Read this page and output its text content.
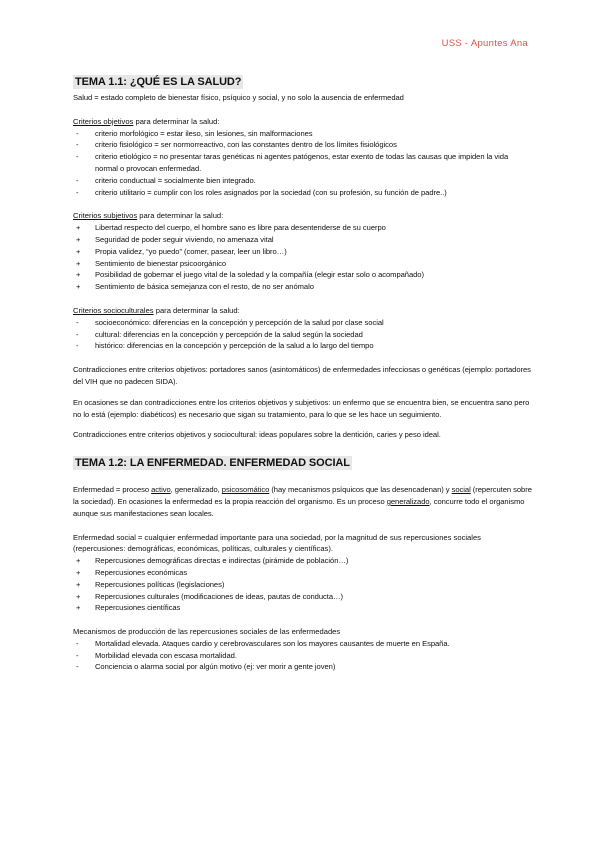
USS - Apuntes Ana
TEMA 1.1: ¿QUÉ ES LA SALUD?

Salud = estado completo de bienestar físico, psíquico y social, y no solo la ausencia de enfermedad

Criterios objetivos para determinar la salud:

- criterio morfológico = estar ileso, sin lesiones, sin malformaciones
- criterio fisiológico = ser normorreactivo, con las constantes dentro de los límites fisiológicos
- criterio etiológico = no presentar taras genéticas ni agentes patógenos, estar exento de todas las causas que impiden la vida normal o provocan enfermedad.
- criterio conductual = socialmente bien integrado.
- criterio utilitario = cumplir con los roles asignados por la sociedad (con su profesión, su función de padre..)

Criterios subjetivos para determinar la salud:

+ Libertad respecto del cuerpo, el hombre sano es libre para desentenderse de su cuerpo
+ Seguridad de poder seguir viviendo, no amenaza vital
+ Propia validez, “yo puedo” (comer, pasear, leer un libro…)
+ Sentimiento de bienestar psicoorgánico
+ Posibilidad de gobernar el juego vital de la soledad y la compañía (elegir estar solo o acompañado)
+ Sentimiento de básica semejanza con el resto, de no ser anómalo

Criterios socioculturales para determinar la salud:

- socioeconómico: diferencias en la concepción y percepción de la salud por clase social
- cultural: diferencias en la concepción y percepción de la salud según la sociedad
- histórico: diferencias en la concepción y percepción de la salud a lo largo del tiempo

Contradicciones entre criterios objetivos: portadores sanos (asintomáticos) de enfermedades infecciosas o genéticas (ejemplo: portadores del VIH que no padecen SIDA).

En ocasiones se dan contradicciones entre los criterios objetivos y subjetivos: un enfermo que se encuentra bien, se encuentra sano pero no lo está (ejemplo: diabéticos) es necesario que sigan su tratamiento, para lo que se les hace un seguimiento.

Contradicciones entre criterios objetivos y sociocultural: ideas populares sobre la dentición, caries y peso ideal.

TEMA 1.2: LA ENFERMEDAD. ENFERMEDAD SOCIAL

Enfermedad = proceso activo, generalizado, psicosomático (hay mecanismos psíquicos que las desencadenan) y social (repercuten sobre la sociedad). En ocasiones la enfermedad es la propia reacción del organismo. Es un proceso generalizado, concurre todo el organismo aunque sus manifestaciones sean locales.

Enfermedad social = cualquier enfermedad importante para una sociedad, por la magnitud de sus repercusiones sociales (repercusiones: demográficas, económicas, políticas, culturales y científicas).

+ Repercusiones demográficas directas e indirectas (pirámide de población…)
+ Repercusiones económicas
+ Repercusiones políticas (legislaciones)
+ Repercusiones culturales (modificaciones de ideas, pautas de conducta…)
+ Repercusiones científicas

Mecanismos de producción de las repercusiones sociales de las enfermedades

- Mortalidad elevada. Ataques cardio y cerebrovasculares son los mayores causantes de muerte en España.
- Morbilidad elevada con escasa mortalidad.
- Conciencia o alarma social por algún motivo (ej: ver morir a gente joven)
